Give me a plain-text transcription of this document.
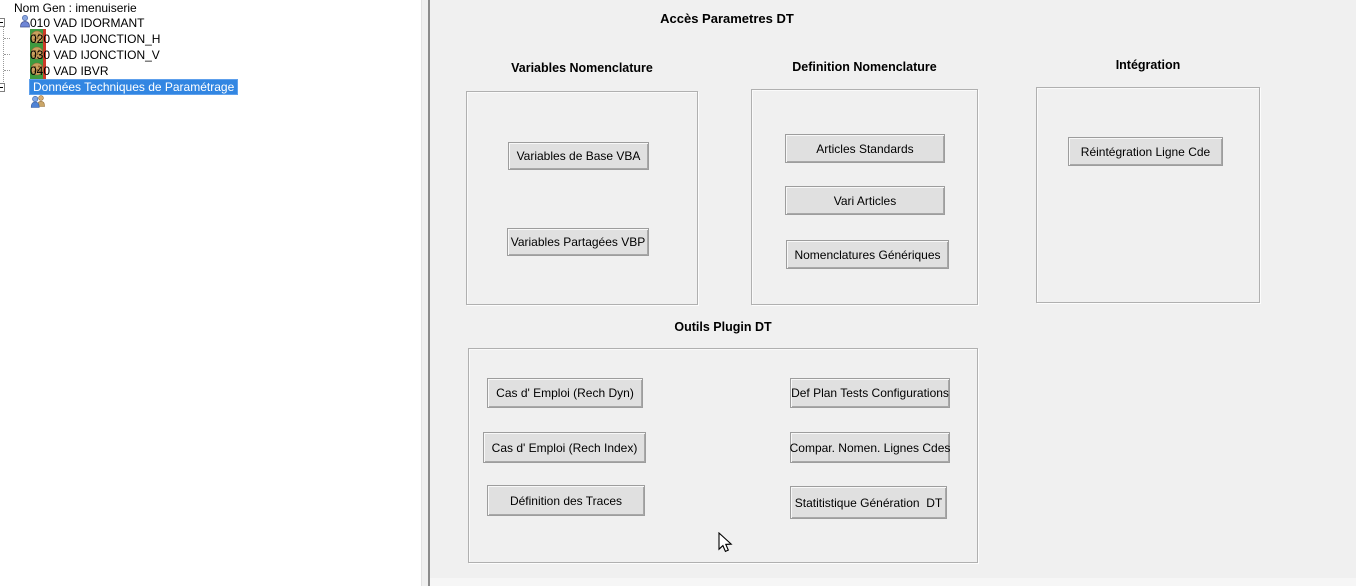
Nom Gen : imenuiserie

010 VAD IDORMANT

020 VAD IJONCTION_H

030 VAD IJONCTION_V

040 VAD IBVR

Données Techniques de Paramétrage

Accès Parametres DT
Variables Nomenclature
Variables de Base VBA
Variables Partagées VBP
Definition Nomenclature
Articles Standards
Vari Articles
Nomenclatures Génériques
Intégration
Réintégration Ligne Cde
Outils Plugin DT
Cas d' Emploi (Rech Dyn)
Cas d' Emploi (Rech Index)
Définition des Traces
Def Plan Tests Configurations
Compar. Nomen. Lignes Cdes
Statitistique Génération  DT
